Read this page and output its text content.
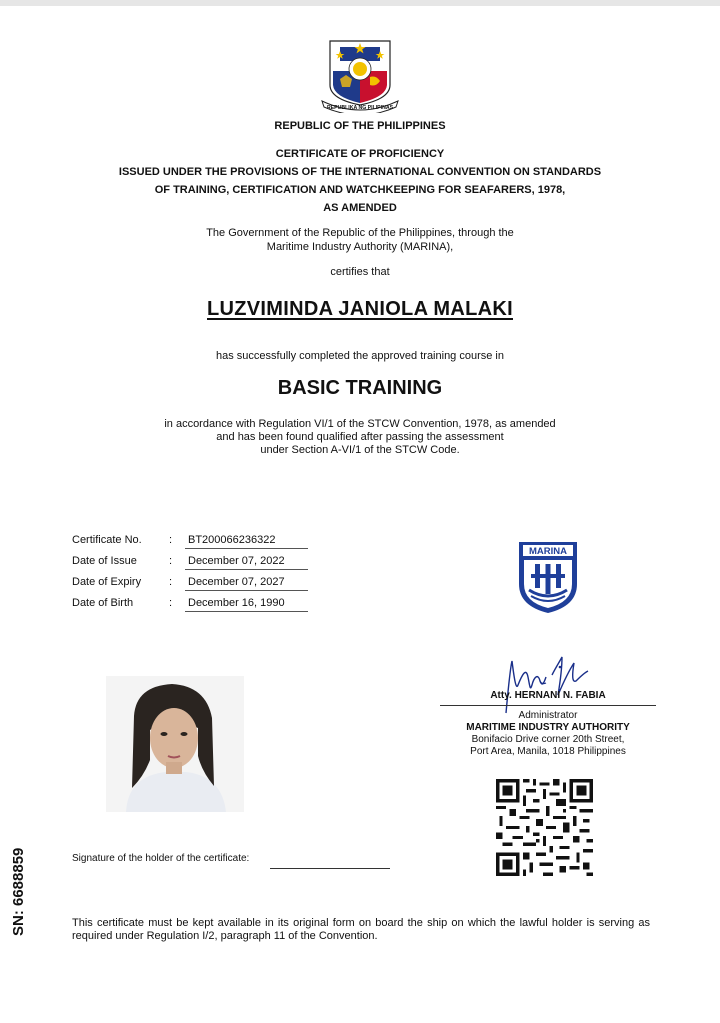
REPUBLIKA NG PILIPINAS
REPUBLIC OF THE PHILIPPINES
CERTIFICATE OF PROFICIENCY
ISSUED UNDER THE PROVISIONS OF THE INTERNATIONAL CONVENTION ON STANDARDS
OF TRAINING, CERTIFICATION AND WATCHKEEPING FOR SEAFARERS, 1978,
AS AMENDED
The Government of the Republic of the Philippines, through the
Maritime Industry Authority (MARINA),
certifies that
LUZVIMINDA JANIOLA MALAKI
has successfully completed the approved training course in
BASIC TRAINING
in accordance with Regulation VI/1 of the STCW Convention, 1978, as amended
and has been found qualified after passing the assessment
under Section A-VI/1 of the STCW Code.
Certificate No.	: BT200066236322
Date of Issue	: December 07, 2022
Date of Expiry	: December 07, 2027
Date of Birth	: December 16, 1990
MARINA
Atty. HERNANI N. FABIA
Administrator
MARITIME INDUSTRY AUTHORITY
Bonifacio Drive corner 20th Street,
Port Area, Manila, 1018 Philippines
SN: 6688859	Signature of the holder of the certificate:
This certificate must be kept available in its original form on board the ship on which the lawful holder is serving as required under Regulation I/2, paragraph 11 of the Convention.
